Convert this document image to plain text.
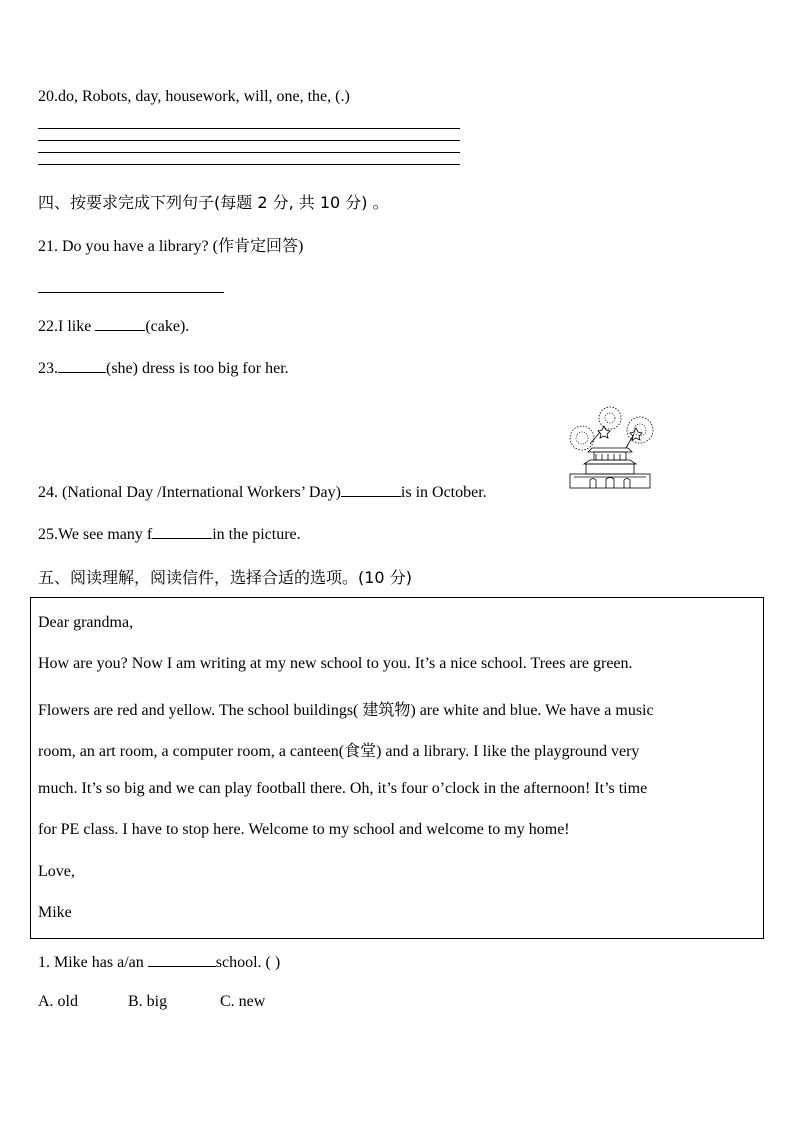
20.do, Robots, day, housework, will, one, the, (.)
四、按要求完成下列句子(每题 2 分, 共 10 分) 。
21. Do you have a library? (作肯定回答)
22.I like	(cake).
23.	(she) dress is too big for her.
24. (National Day /International Workers’ Day)	is in October.
25.We see many f	in the picture.
五、阅读理解，阅读信件，选择合适的选项。(10 分)
Dear grandma,
How are you? Now I am writing at my new school to you. It’s a nice school. Trees are green.
Flowers are red and yellow. The school buildings( 建筑物) are white and blue. We have a music
room, an art room, a computer room, a canteen(食堂) and a library. I like the playground very
much. It’s so big and we can play football there. Oh, it’s four o’clock in the afternoon! It’s time
for PE class. I have to stop here. Welcome to my school and welcome to my home!
Love,
Mike
1. Mike has a/an	school. ( )
A. old	B. big	C. new
